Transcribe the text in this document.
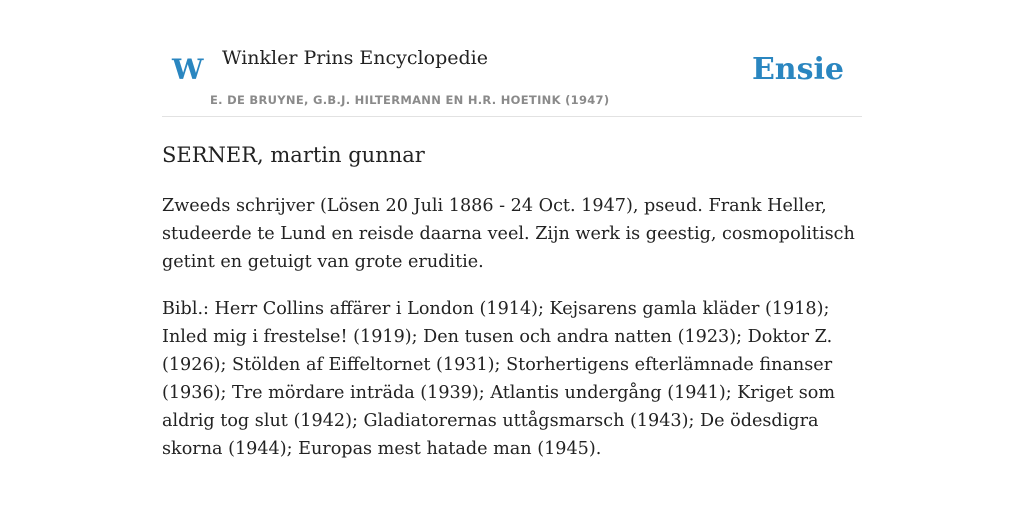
W Winkler Prins Encyclopedie
E. DE BRUYNE, G.B.J. HILTERMANN EN H.R. HOETINK (1947)
Ensie
SERNER, martin gunnar

Zweeds schrijver (Lösen 20 Juli 1886 - 24 Oct. 1947), pseud. Frank Heller, studeerde te Lund en reisde daarna veel. Zijn werk is geestig, cosmopolitisch getint en getuigt van grote eruditie.

Bibl.: Herr Collins affärer i London (1914); Kejsarens gamla kläder (1918); Inled mig i frestelse! (1919); Den tusen och andra natten (1923); Doktor Z. (1926); Stölden af Eiffeltornet (1931); Storhertigens efterlämnade finanser (1936); Tre mördare inträda (1939); Atlantis undergång (1941); Kriget som aldrig tog slut (1942); Gladiatorernas uttågsmarsch (1943); De ödesdigra skorna (1944); Europas mest hatade man (1945).
